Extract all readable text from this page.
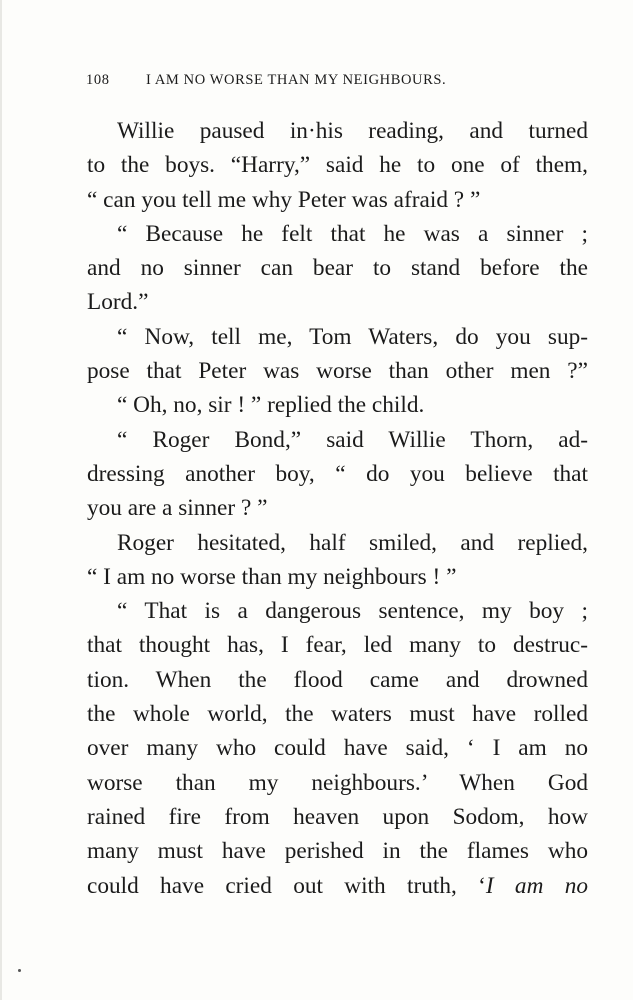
108	I AM NO WORSE THAN MY NEIGHBOURS.
Willie paused in·his reading, and turned
to the boys. “Harry,” said he to one of them,
“ can you tell me why Peter was afraid ? ”
“ Because he felt that he was a sinner ;
and no sinner can bear to stand before the
Lord.”
“ Now, tell me, Tom Waters, do you sup-
pose that Peter was worse than other men ?”
“ Oh, no, sir ! ” replied the child.
“ Roger Bond,” said Willie Thorn, ad-
dressing another boy, “ do you believe that
you are a sinner ? ”
Roger hesitated, half smiled, and replied,
“ I am no worse than my neighbours ! ”
“ That is a dangerous sentence, my boy ;
that thought has, I fear, led many to destruc-
tion. When the flood came and drowned
the whole world, the waters must have rolled
over many who could have said, ‘ I am no
worse than my neighbours.’ When God
rained fire from heaven upon Sodom, how
many must have perished in the flames who
could have cried out with truth, ‘I am no
